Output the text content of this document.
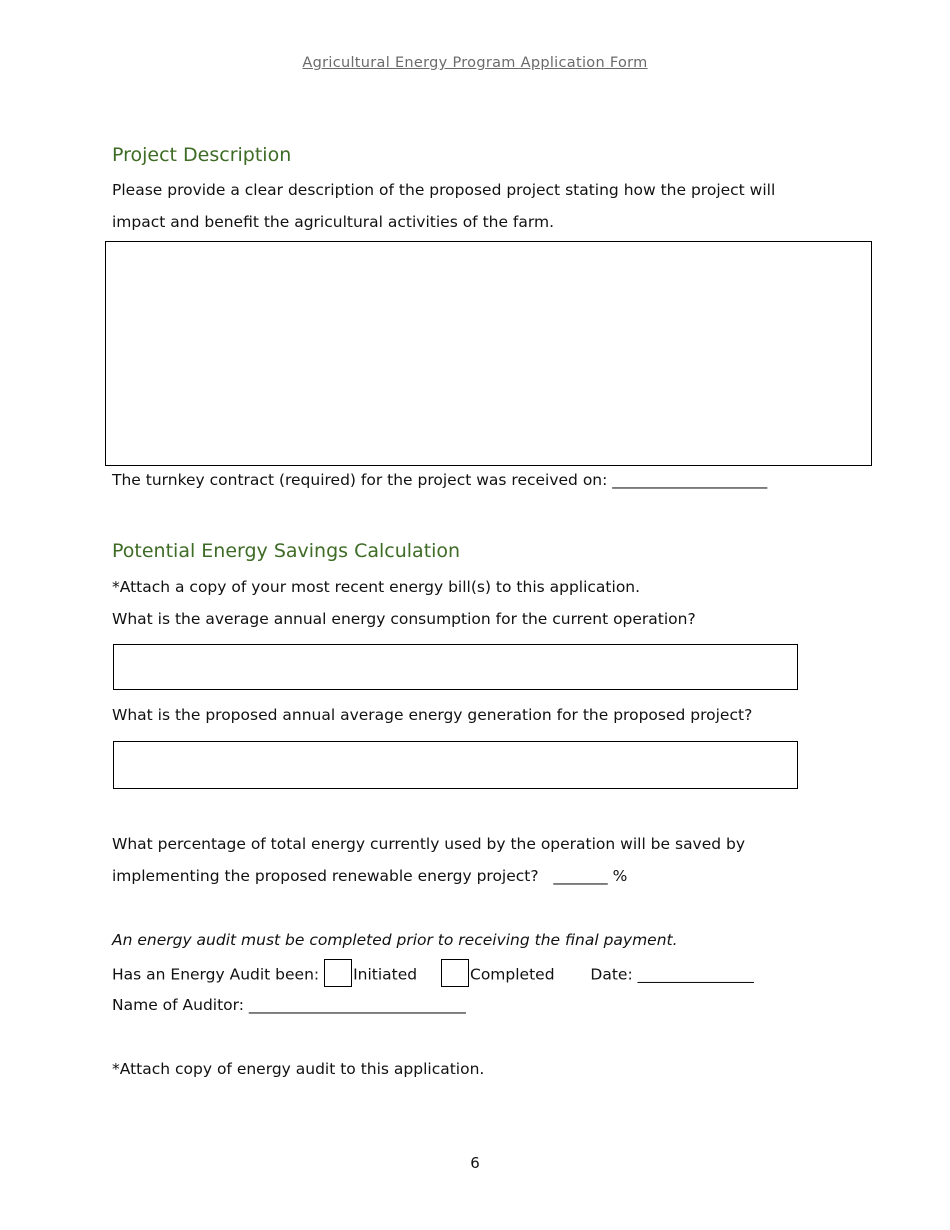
Agricultural Energy Program Application Form
Project Description
Please provide a clear description of the proposed project stating how the project will
impact and benefit the agricultural activities of the farm.
The turnkey contract (required) for the project was received on: ____________________
Potential Energy Savings Calculation
*Attach a copy of your most recent energy bill(s) to this application.
What is the average annual energy consumption for the current operation?
What is the proposed annual average energy generation for the proposed project?
What percentage of total energy currently used by the operation will be saved by
implementing the proposed renewable energy project? _______ %
An energy audit must be completed prior to receiving the final payment.
Has an Energy Audit been: Initiated	Completed Date: _______________
Name of Auditor: ____________________________
*Attach copy of energy audit to this application.
6
